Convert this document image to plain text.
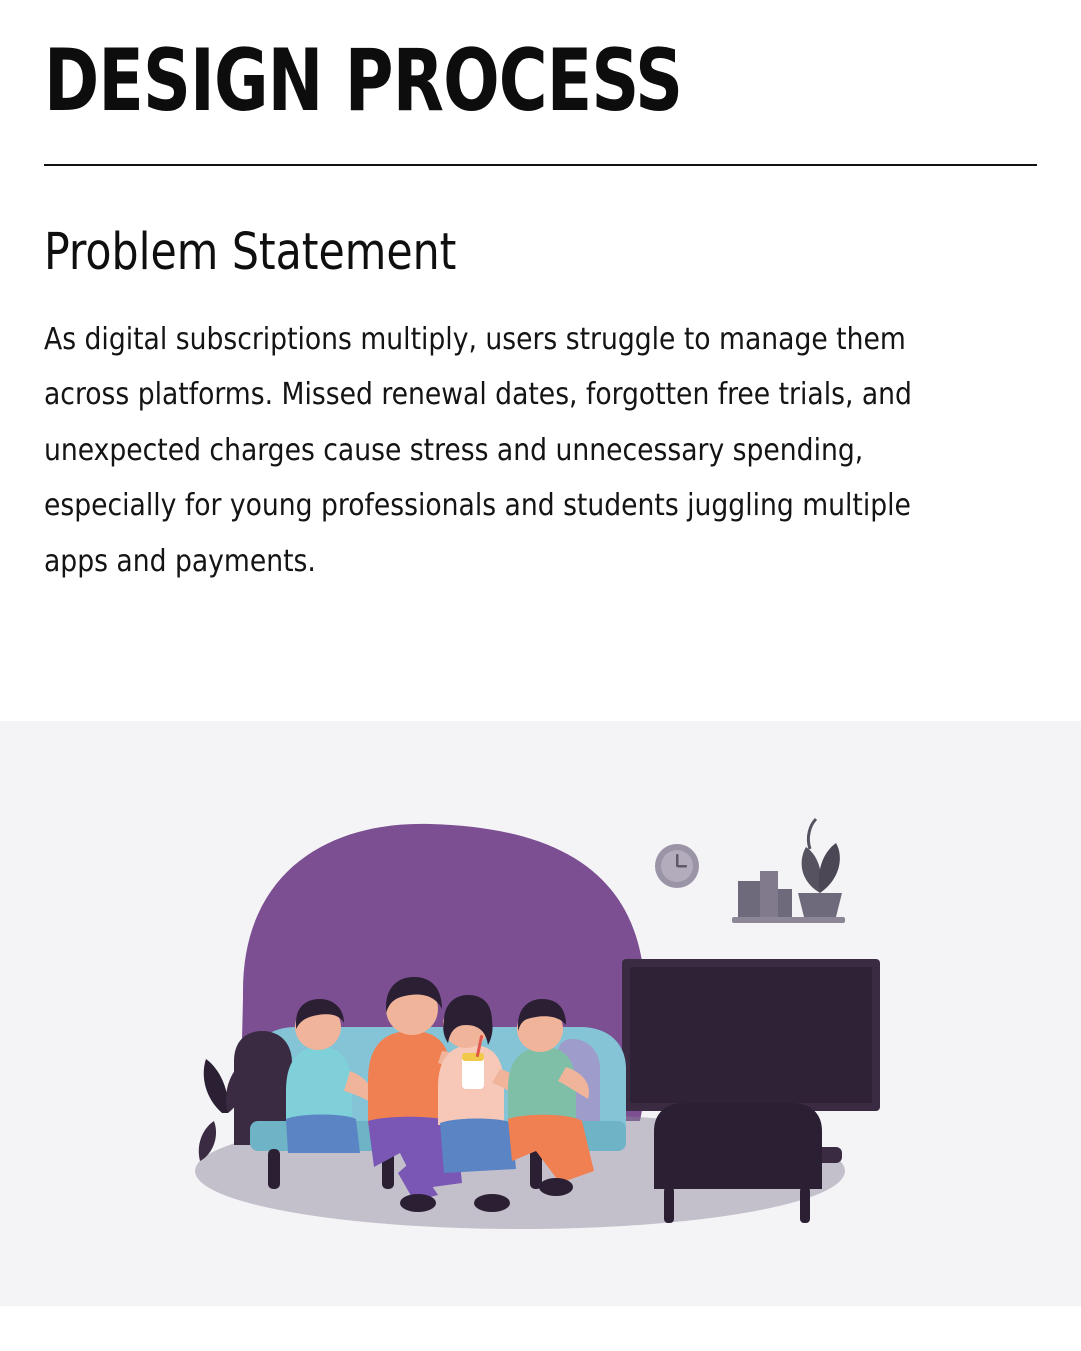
DESIGN PROCESS
Problem Statement

As digital subscriptions multiply, users struggle to manage them across platforms. Missed renewal dates, forgotten free trials, and unexpected charges cause stress and unnecessary spending, especially for young professionals and students juggling multiple apps and payments.
